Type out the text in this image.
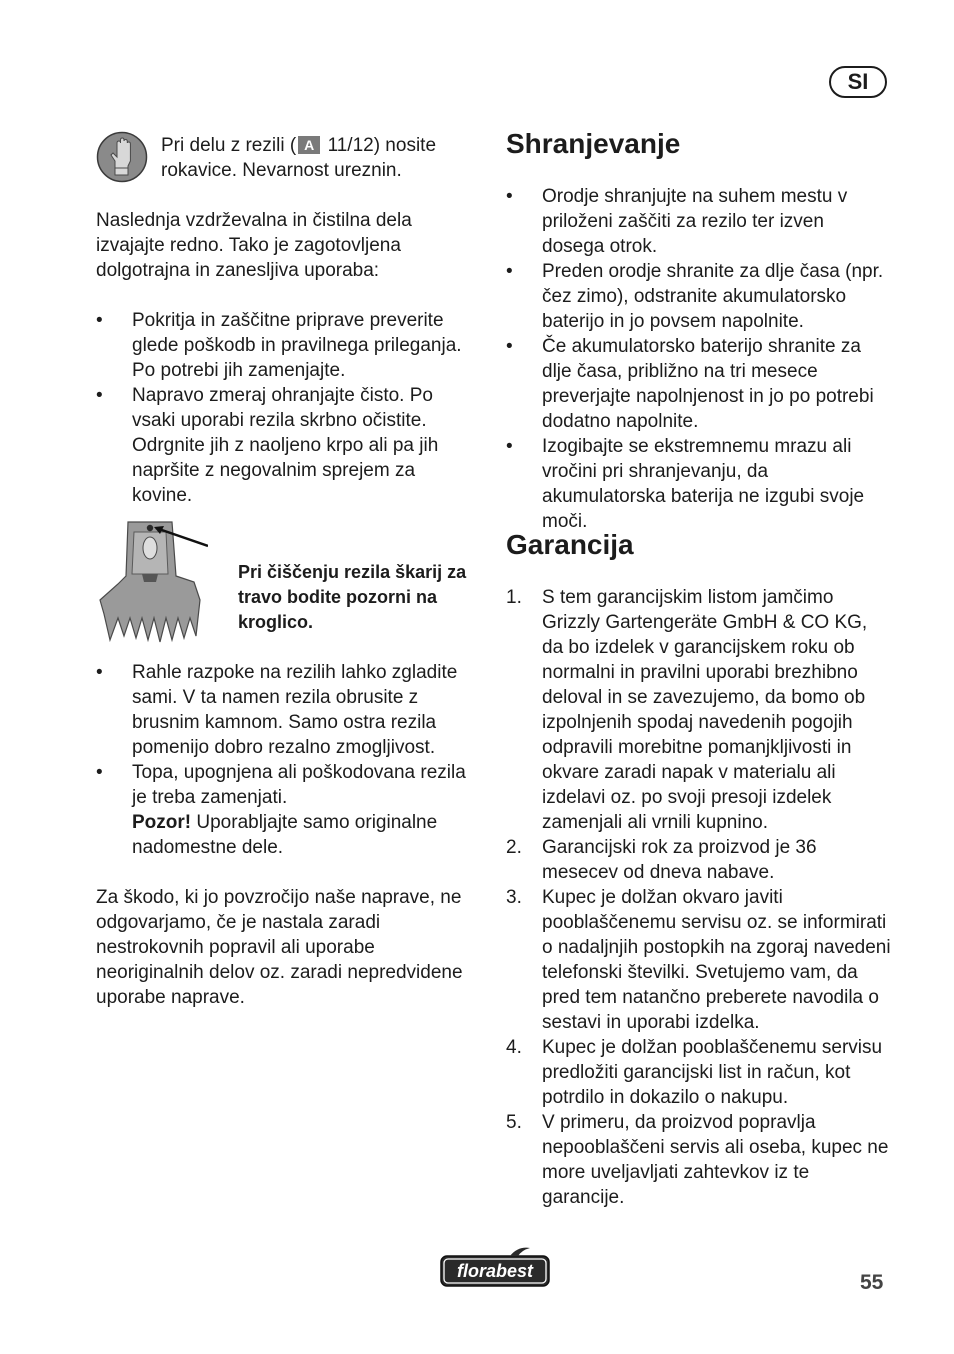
SI

Pri delu z rezili ( A 11/12) nosite rokavice. Nevarnost ureznin.

Naslednja vzdrževalna in čistilna dela izvajajte redno. Tako je zagotovljena dolgotrajna in zanesljiva uporaba:

• Pokritja in zaščitne priprave preverite glede poškodb in pravilnega prileganja. Po potrebi jih zamenjajte.
• Napravo zmeraj ohranjajte čisto. Po vsaki uporabi rezila skrbno očistite. Odrgnite jih z naoljeno krpo ali pa jih napršite z negovalnim sprejem za kovine.

Pri čiščenju rezila škarij za travo bodite pozorni na kroglico.

• Rahle razpoke na rezilih lahko zgladite sami. V ta namen rezila obrusite z brusnim kamnom. Samo ostra rezila pomenijo dobro rezalno zmogljivost.
• Topa, upognjena ali poškodovana rezila je treba zamenjati.
Pozor! Uporabljajte samo originalne nadomestne dele.

Za škodo, ki jo povzročijo naše naprave, ne odgovarjamo, če je nastala zaradi nestrokovnih popravil ali uporabe neoriginalnih delov oz. zaradi nepredvidene uporabe naprave.

Shranjevanje
• Orodje shranjujte na suhem mestu v priloženi zaščiti za rezilo ter izven dosega otrok.
• Preden orodje shranite za dlje časa (npr. čez zimo), odstranite akumulatorsko baterijo in jo povsem napolnite.
• Če akumulatorsko baterijo shranite za dlje časa, približno na tri mesece preverjajte napolnjenost in jo po potrebi dodatno napolnite.
• Izogibajte se ekstremnemu mrazu ali vročini pri shranjevanju, da akumulatorska baterija ne izgubi svoje moči.
Garancija
1. S tem garancijskim listom jamčimo Grizzly Gartengeräte GmbH & CO KG, da bo izdelek v garancijskem roku ob normalni in pravilni uporabi brezhibno deloval in se zavezujemo, da bomo ob izpolnjenih spodaj navedenih pogojih odpravili morebitne pomanjkljivosti in okvare zaradi napak v materialu ali izdelavi oz. po svoji presoji izdelek zamenjali ali vrnili kupnino.
2. Garancijski rok za proizvod je 36 mesecev od dneva nabave.
3. Kupec je dolžan okvaro javiti pooblaščenemu servisu oz. se informirati o nadaljnjih postopkih na zgoraj navedeni telefonski številki. Svetujemo vam, da pred tem natančno preberete navodila o sestavi in uporabi izdelka.
4. Kupec je dolžan pooblaščenemu servisu predložiti garancijski list in račun, kot potrdilo in dokazilo o nakupu.
5. V primeru, da proizvod popravlja nepooblaščeni servis ali oseba, kupec ne more uveljavljati zahtevkov iz te garancije.
florabest	55
